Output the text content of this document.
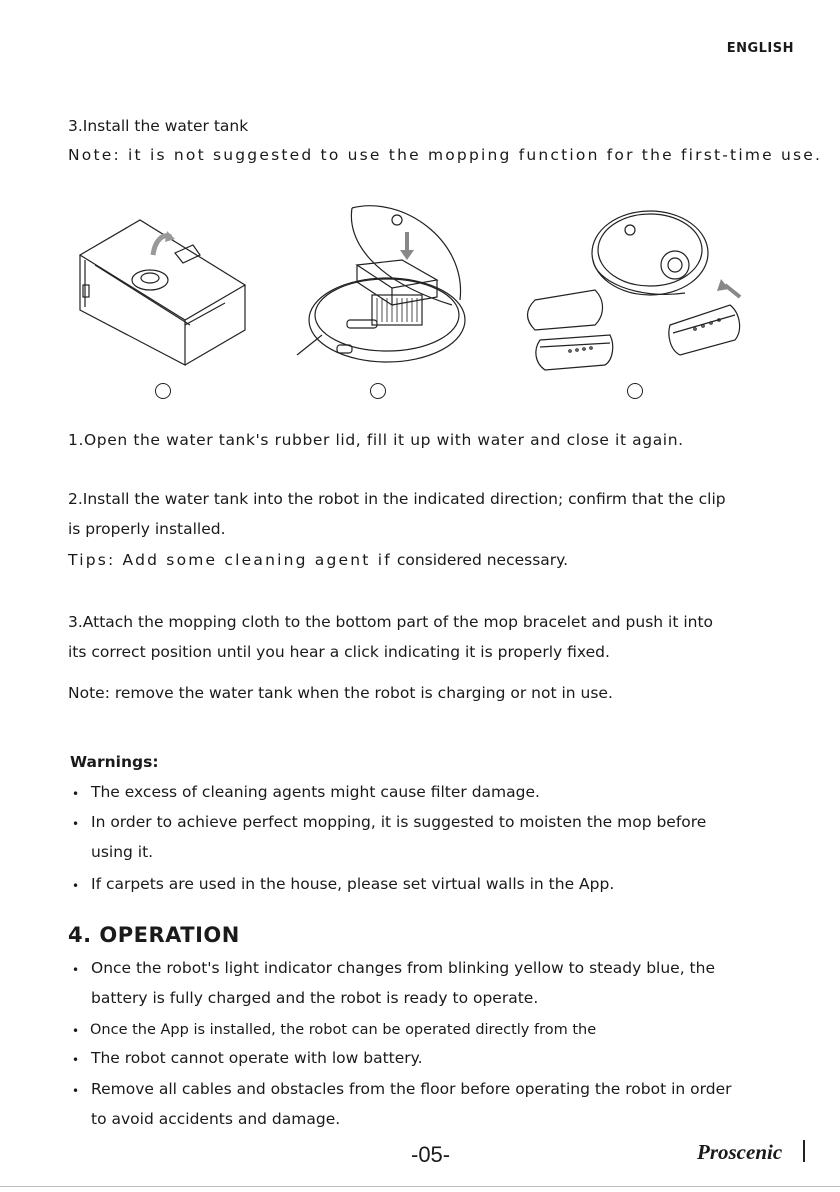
ENGLISH
3.Install the water tank
Note: it is not suggested to use the mopping function for the first-time use.
1.Open the water tank's rubber lid, fill it up with water and close it again.
2.Install the water tank into the robot in the indicated direction; confirm that the clip
is properly installed.
Tips: Add some cleaning agent if considered necessary.
3.Attach the mopping cloth to the bottom part of the mop bracelet and push it into
its correct position until you hear a click indicating it is properly fixed.
Note: remove the water tank when the robot is charging or not in use.
Warnings:
• The excess of cleaning agents might cause filter damage.
• In order to achieve perfect mopping, it is suggested to moisten the mop before
using it.
• If carpets are used in the house, please set virtual walls in the App.
4. OPERATION
• Once the robot's light indicator changes from blinking yellow to steady blue, the
battery is fully charged and the robot is ready to operate.
• Once the App is installed, the robot can be operated directly from the
• The robot cannot operate with low battery.
• Remove all cables and obstacles from the floor before operating the robot in order
to avoid accidents and damage.
-05-	Proscenic
